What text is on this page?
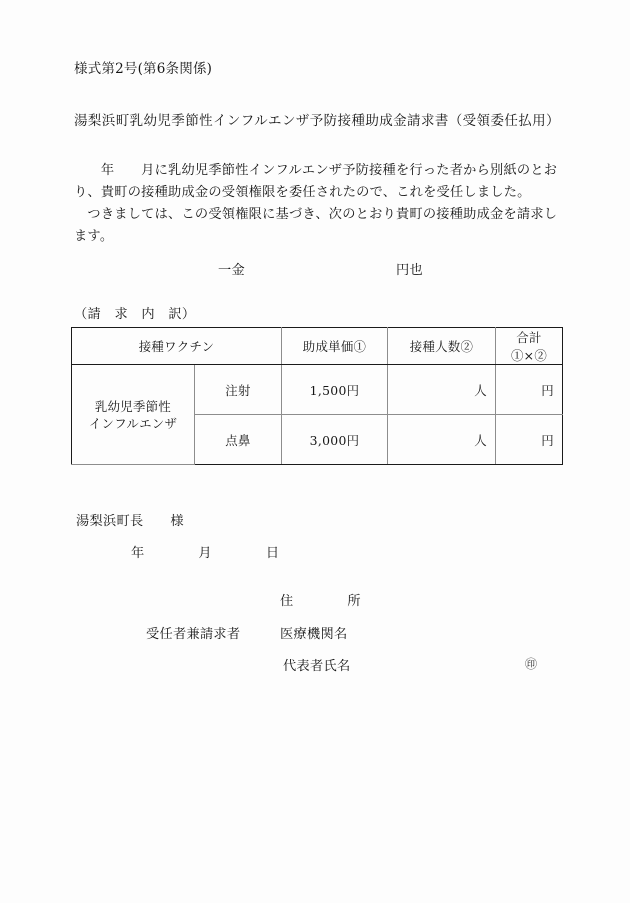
様式第2号(第6条関係)
湯梨浜町乳幼児季節性インフルエンザ予防接種助成金請求書（受領委任払用）

　　年　　月に乳幼児季節性インフルエンザ予防接種を行った者から別紙のとおり、貴町の接種助成金の受領権限を委任されたので、これを受任しました。

　つきましては、この受領権限に基づき、次のとおり貴町の接種助成金を請求します。

一金	円也
（請　求　内　訳）
接種ワクチン		助成単価①	接種人数②	合計①×②
乳幼児季節性
インフルエンザ	注射	1,500円	人	円
	点鼻	3,000円	人	円
湯梨浜町長　　様
年　　　　月　　　　日
住　　　　所
受任者兼請求者	医療機関名
代表者氏名	㊞
